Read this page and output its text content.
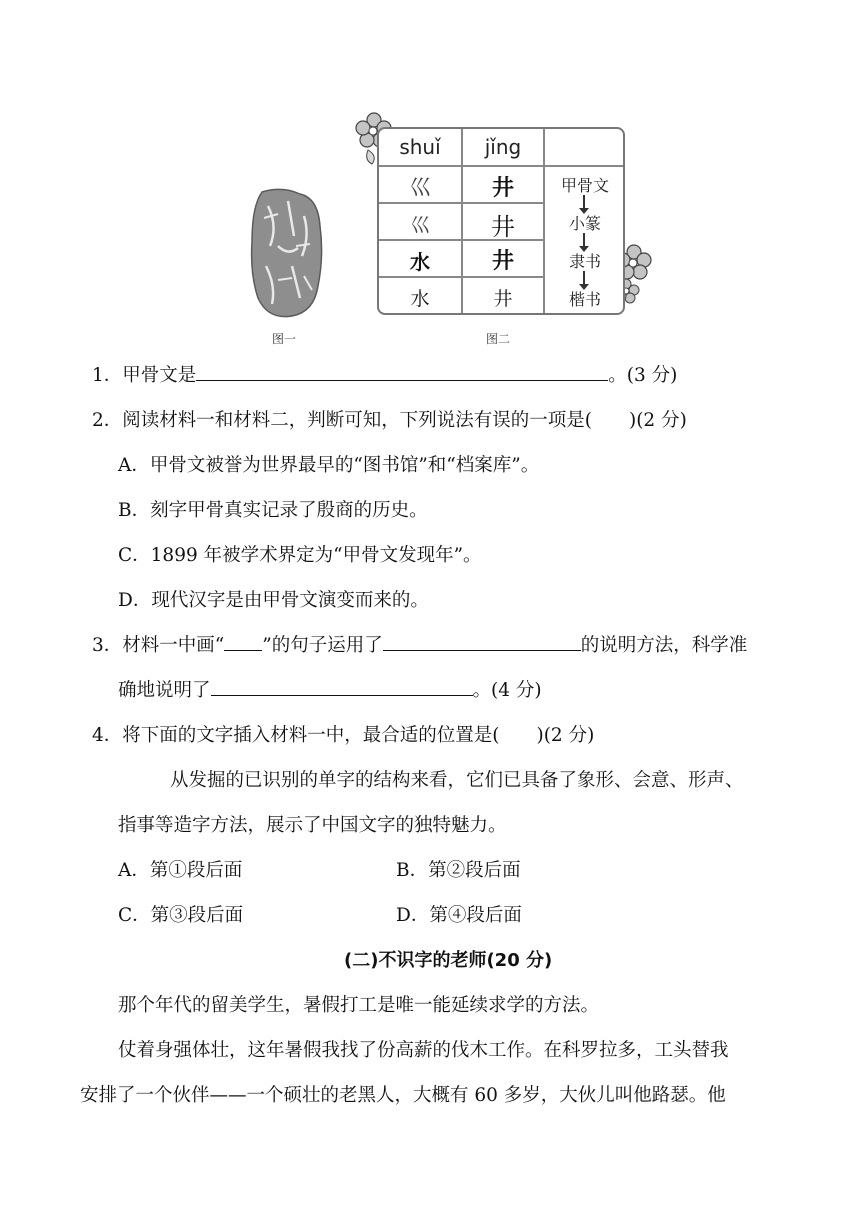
图一
shuǐ	jǐng
巛	井
巛	井
水	井
水	井
甲骨文
小篆
隶书
楷书
图二
1．甲骨文是	。(3 分)
2．阅读材料一和材料二，判断可知，下列说法有误的一项是(　　)(2 分)
A．甲骨文被誉为世界最早的“图书馆”和“档案库”。
B．刻字甲骨真实记录了殷商的历史。
C．1899 年被学术界定为“甲骨文发现年”。
D．现代汉字是由甲骨文演变而来的。
3．材料一中画“ ”的句子运用了	的说明方法，科学准
确地说明了	。(4 分)
4．将下面的文字插入材料一中，最合适的位置是(　　)(2 分)
从发掘的已识别的单字的结构来看，它们已具备了象形、会意、形声、
指事等造字方法，展示了中国文字的独特魅力。
A．第①段后面	B．第②段后面
C．第③段后面	D．第④段后面
(二)不识字的老师(20 分)
那个年代的留美学生，暑假打工是唯一能延续求学的方法。
仗着身强体壮，这年暑假我找了份高薪的伐木工作。在科罗拉多，工头替我
安排了一个伙伴——一个硕壮的老黑人，大概有 60 多岁，大伙儿叫他路瑟。他
